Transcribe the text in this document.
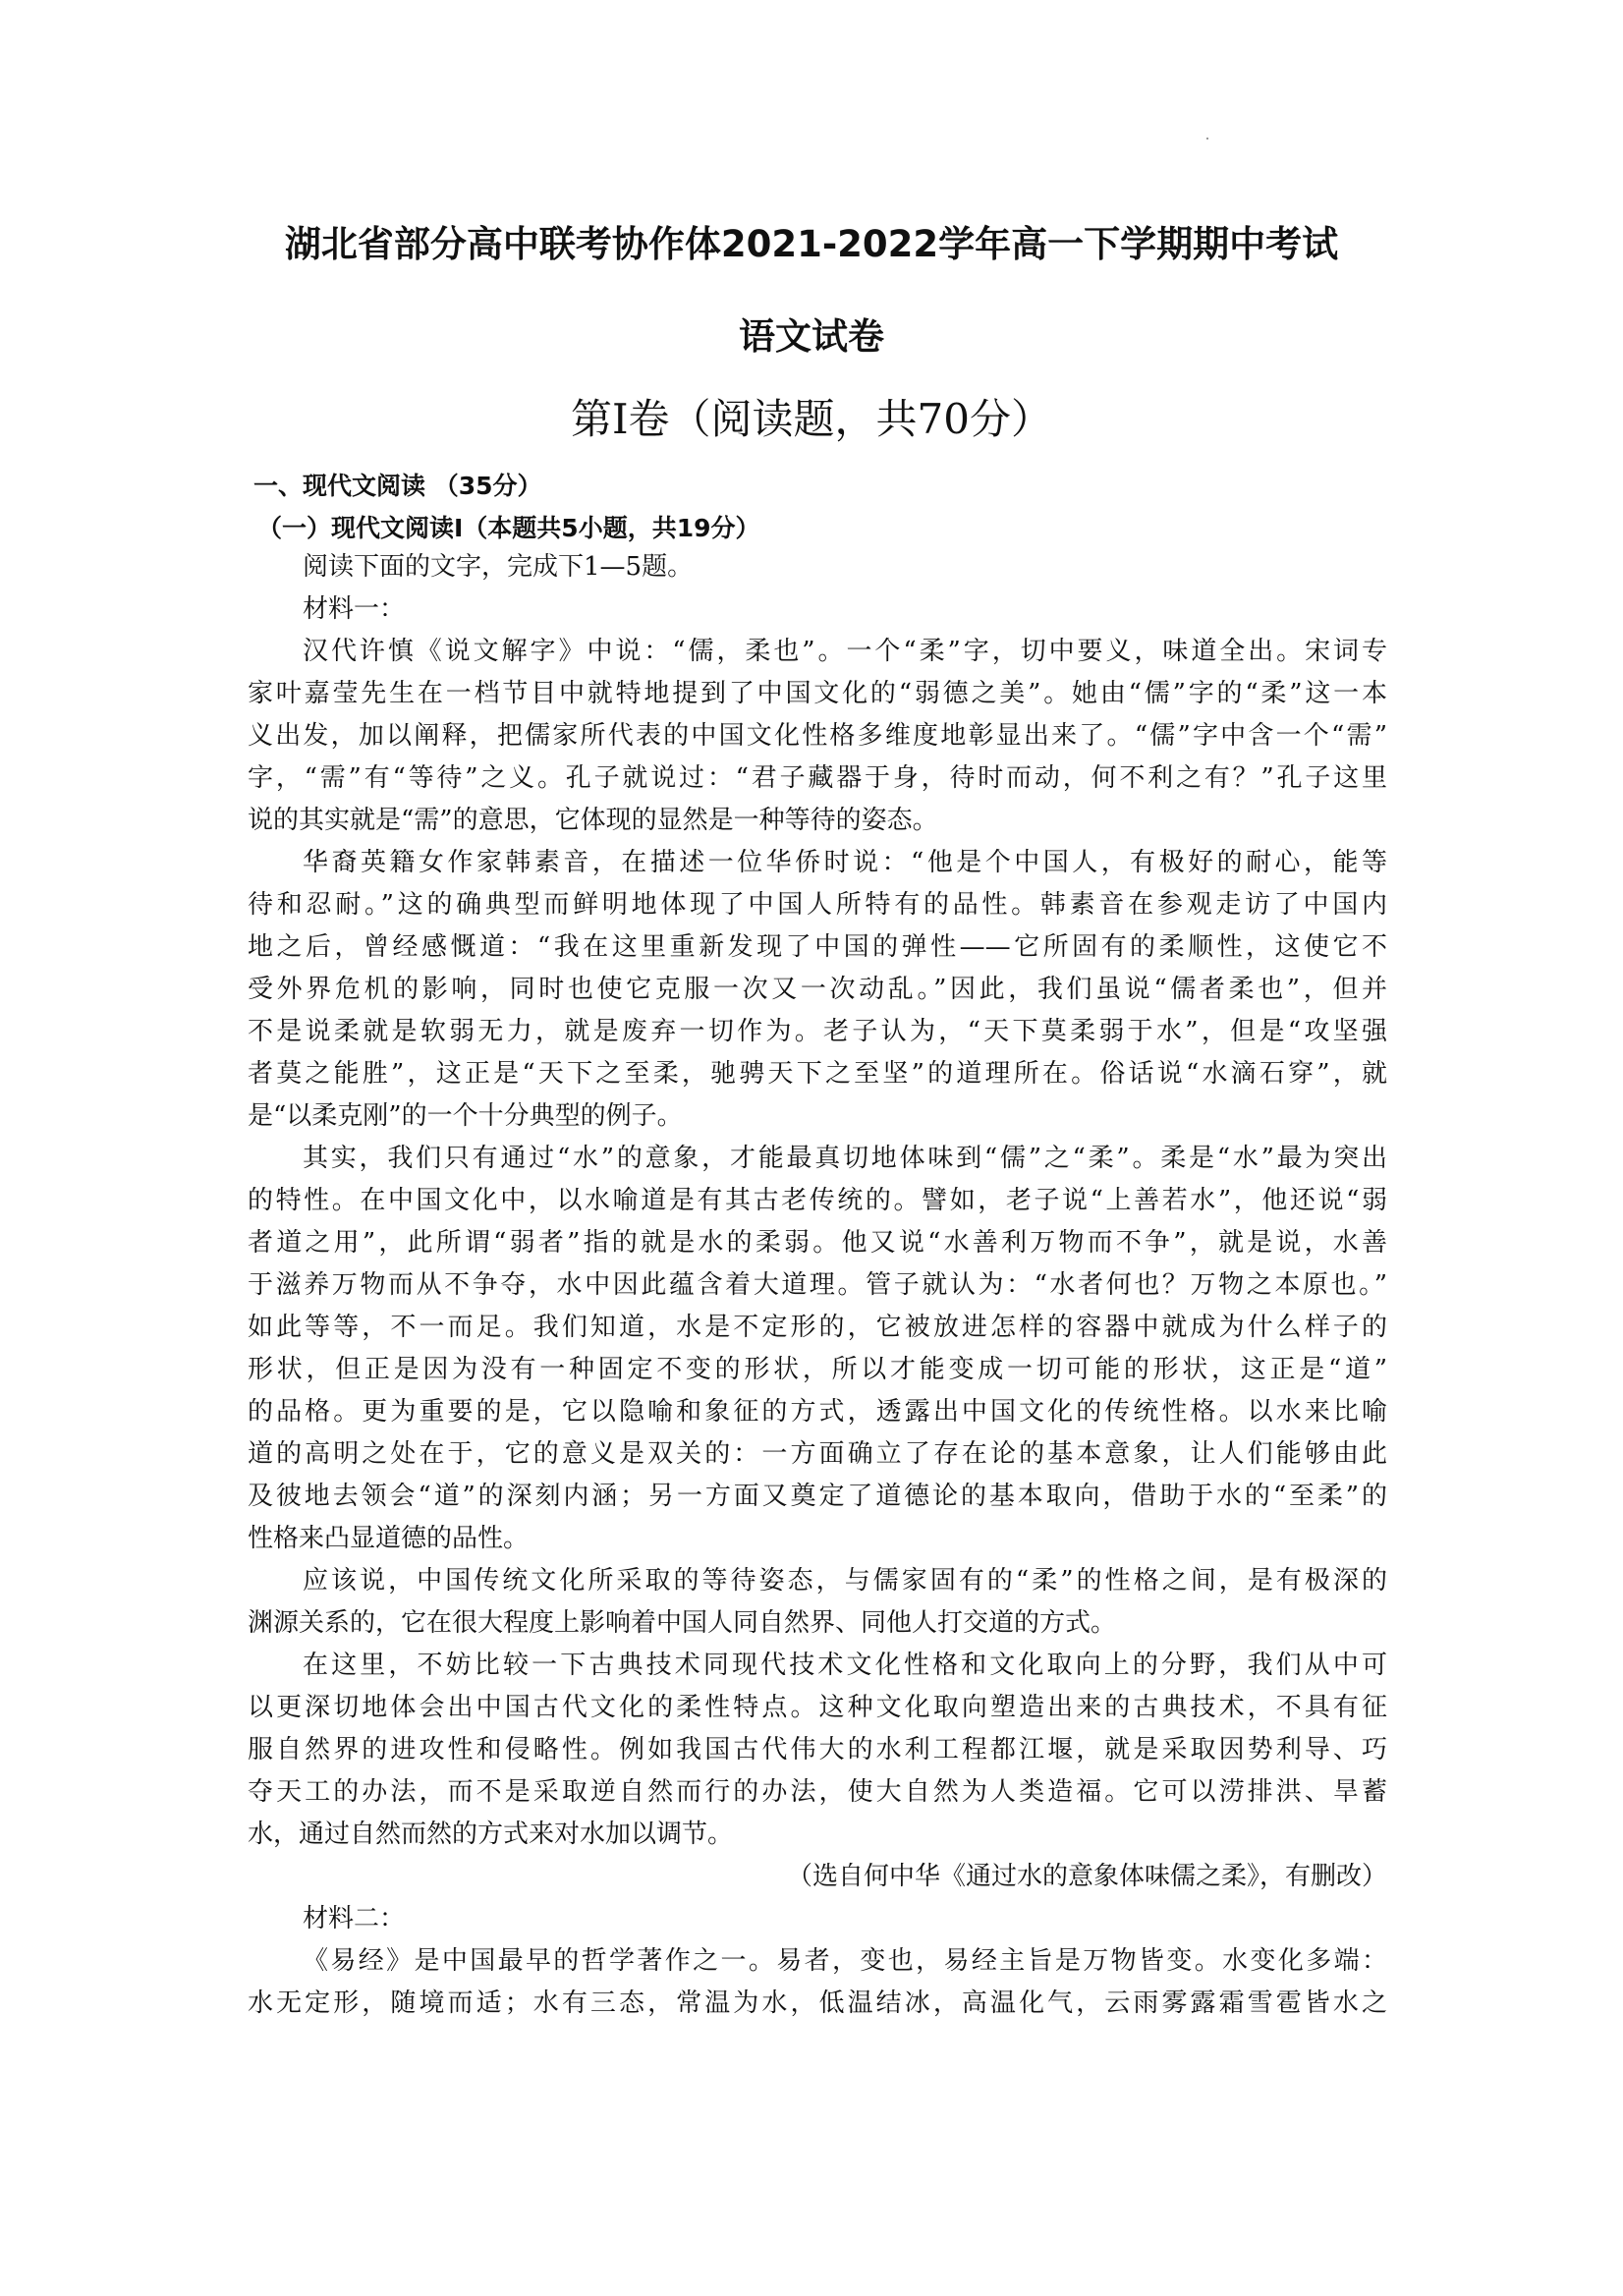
湖北省部分高中联考协作体2021-2022学年高一下学期期中考试
语文试卷
第Ⅰ卷（阅读题，共70分）
一、现代文阅读 （35分）
（一）现代文阅读Ⅰ（本题共5小题，共19分）
阅读下面的文字，完成下1—5题。
材料一：
汉代许慎《说文解字》中说：“儒，柔也”。一个“柔”字，切中要义，味道全出。宋词专
家叶嘉莹先生在一档节目中就特地提到了中国文化的“弱德之美”。她由“儒”字的“柔”这一本
义出发，加以阐释，把儒家所代表的中国文化性格多维度地彰显出来了。“儒”字中含一个“需”
字，“需”有“等待”之义。孔子就说过：“君子藏器于身，待时而动，何不利之有？”孔子这里
说的其实就是“需”的意思，它体现的显然是一种等待的姿态。
华裔英籍女作家韩素音，在描述一位华侨时说：“他是个中国人，有极好的耐心，能等
待和忍耐。”这的确典型而鲜明地体现了中国人所特有的品性。韩素音在参观走访了中国内
地之后，曾经感慨道：“我在这里重新发现了中国的弹性——它所固有的柔顺性，这使它不
受外界危机的影响，同时也使它克服一次又一次动乱。”因此，我们虽说“儒者柔也”，但并
不是说柔就是软弱无力，就是废弃一切作为。老子认为，“天下莫柔弱于水”，但是“攻坚强
者莫之能胜”，这正是“天下之至柔，驰骋天下之至坚”的道理所在。俗话说“水滴石穿”，就
是“以柔克刚”的一个十分典型的例子。
其实，我们只有通过“水”的意象，才能最真切地体味到“儒”之“柔”。柔是“水”最为突出
的特性。在中国文化中，以水喻道是有其古老传统的。譬如，老子说“上善若水”，他还说“弱
者道之用”，此所谓“弱者”指的就是水的柔弱。他又说“水善利万物而不争”，就是说，水善
于滋养万物而从不争夺，水中因此蕴含着大道理。管子就认为：“水者何也？万物之本原也。”
如此等等，不一而足。我们知道，水是不定形的，它被放进怎样的容器中就成为什么样子的
形状，但正是因为没有一种固定不变的形状，所以才能变成一切可能的形状，这正是“道”
的品格。更为重要的是，它以隐喻和象征的方式，透露出中国文化的传统性格。以水来比喻
道的高明之处在于，它的意义是双关的：一方面确立了存在论的基本意象，让人们能够由此
及彼地去领会“道”的深刻内涵；另一方面又奠定了道德论的基本取向，借助于水的“至柔”的
性格来凸显道德的品性。
应该说，中国传统文化所采取的等待姿态，与儒家固有的“柔”的性格之间，是有极深的
渊源关系的，它在很大程度上影响着中国人同自然界、同他人打交道的方式。
在这里，不妨比较一下古典技术同现代技术文化性格和文化取向上的分野，我们从中可
以更深切地体会出中国古代文化的柔性特点。这种文化取向塑造出来的古典技术，不具有征
服自然界的进攻性和侵略性。例如我国古代伟大的水利工程都江堰，就是采取因势利导、巧
夺天工的办法，而不是采取逆自然而行的办法，使大自然为人类造福。它可以涝排洪、旱蓄
水，通过自然而然的方式来对水加以调节。
（选自何中华《通过水的意象体味儒之柔》，有删改）
材料二：
《易经》是中国最早的哲学著作之一。易者，变也，易经主旨是万物皆变。水变化多端：
水无定形，随境而适；水有三态，常温为水，低温结冰，高温化气，云雨雾露霜雪雹皆水之
